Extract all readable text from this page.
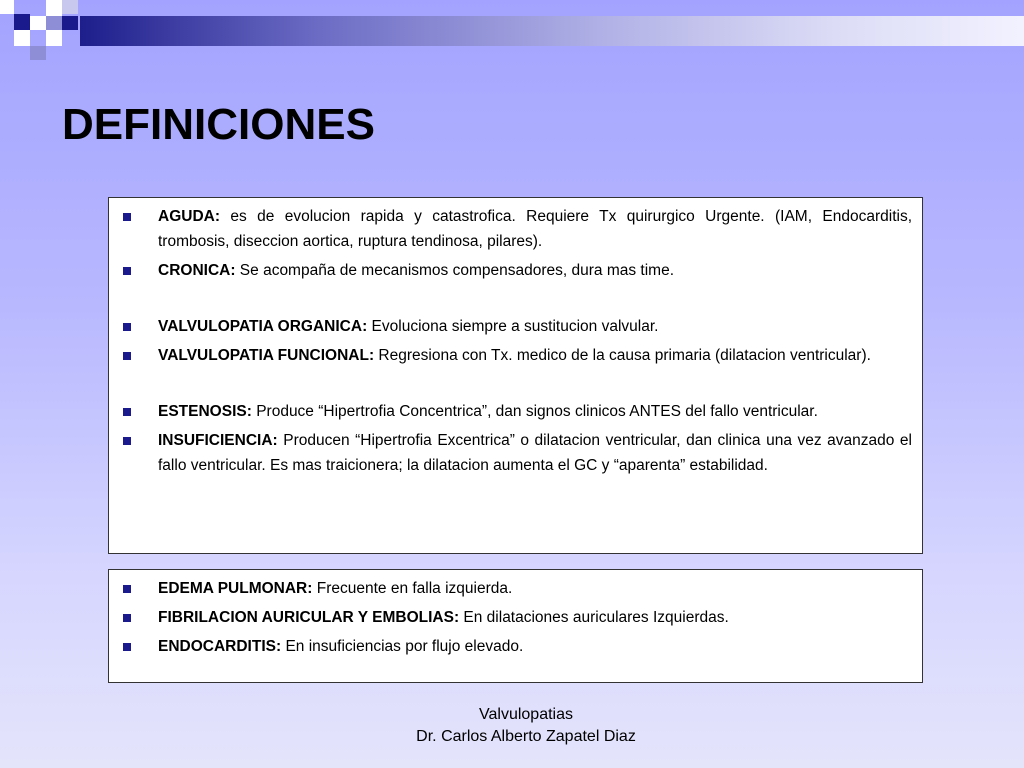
DEFINICIONES
AGUDA: es de evolucion rapida y catastrofica. Requiere Tx quirurgico Urgente. (IAM, Endocarditis, trombosis, diseccion aortica, ruptura tendinosa, pilares).
CRONICA: Se acompaña de mecanismos compensadores, dura mas time.
VALVULOPATIA ORGANICA: Evoluciona siempre a sustitucion valvular.
VALVULOPATIA FUNCIONAL: Regresiona con Tx. medico de la causa primaria (dilatacion ventricular).
ESTENOSIS: Produce “Hipertrofia Concentrica”, dan signos clinicos ANTES del fallo ventricular.
INSUFICIENCIA: Producen “Hipertrofia Excentrica” o dilatacion ventricular, dan clinica una vez avanzado el fallo ventricular. Es mas traicionera; la dilatacion aumenta el GC y “aparenta” estabilidad.
EDEMA PULMONAR: Frecuente en falla izquierda.
FIBRILACION AURICULAR Y EMBOLIAS: En dilataciones auriculares Izquierdas.
ENDOCARDITIS: En insuficiencias por flujo elevado.
Valvulopatias
Dr. Carlos Alberto Zapatel Diaz
